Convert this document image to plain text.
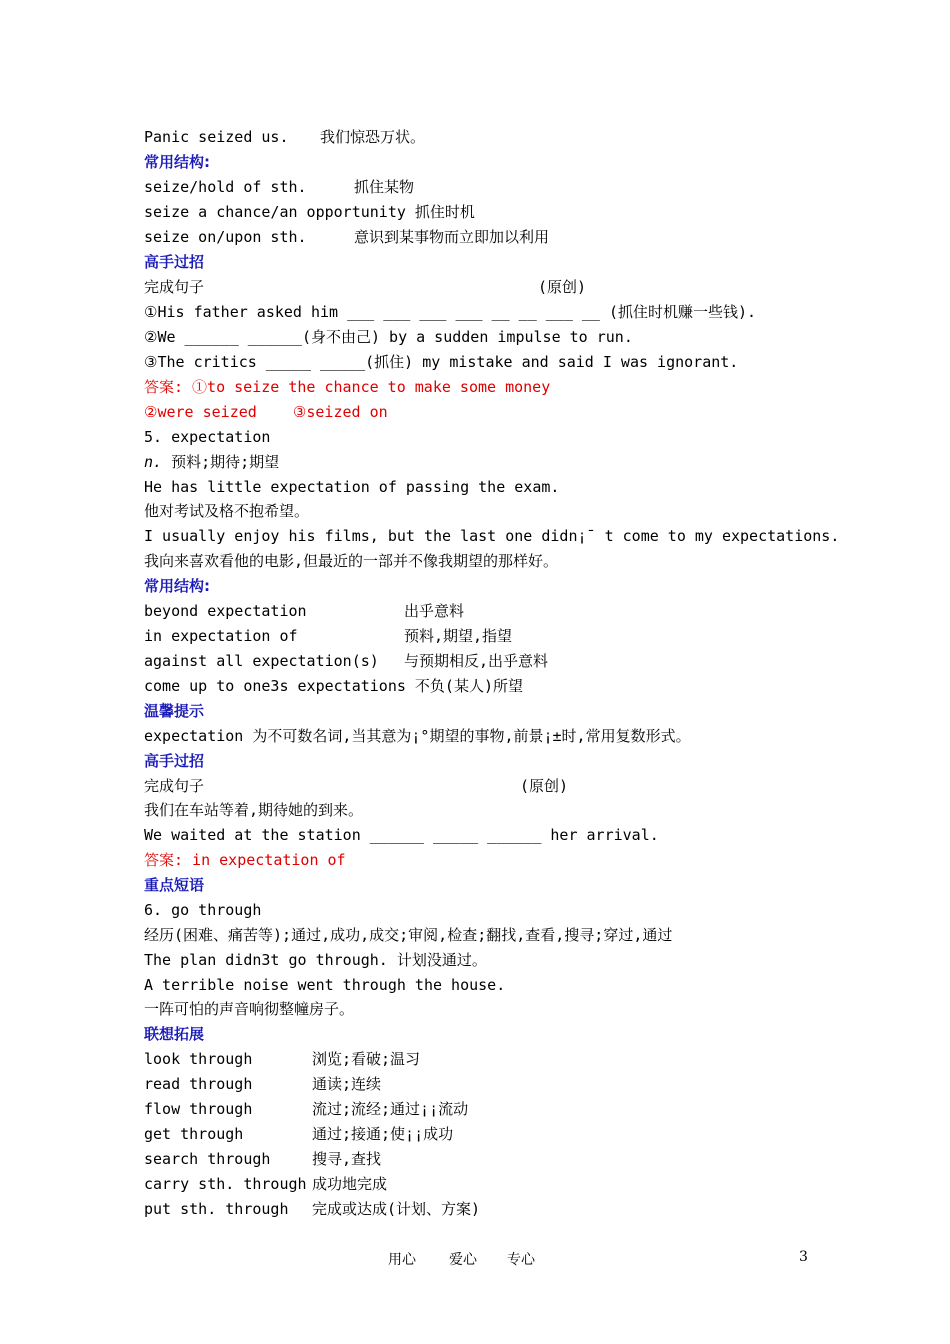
Panic seized us. 我们惊恐万状。
常用结构:
seize/hold of sth.	抓住某物
seize a chance/an opportunity 抓住时机
seize on/upon sth.	意识到某事物而立即加以利用
高手过招
完成句子	(原创)
①His father asked him ___ ___ ___ ___ __ __ ___ __ (抓住时机赚一些钱).
②We ______ ______(身不由己) by a sudden impulse to run.
③The critics _____ _____(抓住) my mistake and said I was ignorant.
答案: ①to seize the chance to make some money
②were seized    ③seized on
5. expectation
n. 预料;期待;期望
He has little expectation of passing the exam.
他对考试及格不抱希望。
I usually enjoy his films, but the last one didn¡¯ t come to my expectations.
我向来喜欢看他的电影,但最近的一部并不像我期望的那样好。
常用结构:
beyond expectation	出乎意料
in expectation of	预料,期望,指望
against all expectation(s) 与预期相反,出乎意料
come up to one3s expectations 不负(某人)所望
温馨提示
expectation 为不可数名词,当其意为¡°期望的事物,前景¡±时,常用复数形式。
高手过招
完成句子	(原创)
我们在车站等着,期待她的到来。
We waited at the station ______ _____ ______ her arrival.
答案: in expectation of
重点短语
6. go through
经历(困难、痛苦等);通过,成功,成交;审阅,检查;翻找,查看,搜寻;穿过,通过
The plan didn3t go through. 计划没通过。
A terrible noise went through the house.
一阵可怕的声音响彻整幢房子。
联想拓展
look through	浏览;看破;温习
read through	通读;连续
flow through	流过;流经;通过¡¡流动
get through	通过;接通;使¡¡成功
search through	搜寻,查找
carry sth. through 成功地完成
put sth. through 完成或达成(计划、方案)
用心 爱心 专心	3
